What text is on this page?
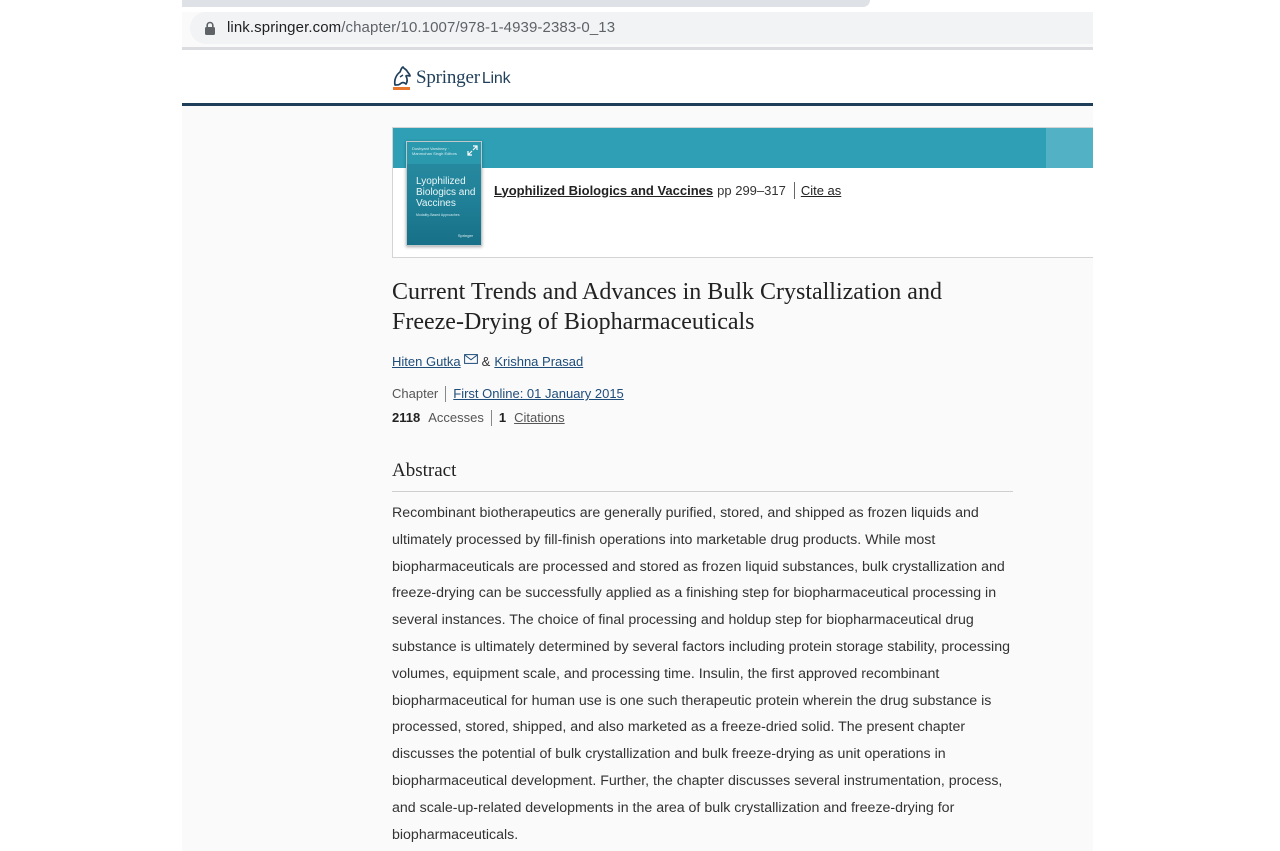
link.springer.com/chapter/10.1007/978-1-4939-2383-0_13
Springer Link
Dushyant Varshney · Manmohan Singh Editors
Lyophilized Biologics and Vaccines
Modality-Based Approaches
Springer
Lyophilized Biologics and Vaccines pp 299–317 Cite as
Current Trends and Advances in Bulk Crystallization and Freeze-Drying of Biopharmaceuticals
Hiten Gutka & Krishna Prasad
Chapter First Online: 01 January 2015
2118 Accesses 1 Citations
Abstract

Recombinant biotherapeutics are generally purified, stored, and shipped as frozen liquids and ultimately processed by fill-finish operations into marketable drug products. While most biopharmaceuticals are processed and stored as frozen liquid substances, bulk crystallization and freeze-drying can be successfully applied as a finishing step for biopharmaceutical processing in several instances. The choice of final processing and holdup step for biopharmaceutical drug substance is ultimately determined by several factors including protein storage stability, processing volumes, equipment scale, and processing time. Insulin, the first approved recombinant biopharmaceutical for human use is one such therapeutic protein wherein the drug substance is processed, stored, shipped, and also marketed as a freeze-dried solid. The present chapter discusses the potential of bulk crystallization and bulk freeze-drying as unit operations in biopharmaceutical development. Further, the chapter discusses several instrumentation, process, and scale-up-related developments in the area of bulk crystallization and freeze-drying for biopharmaceuticals.
